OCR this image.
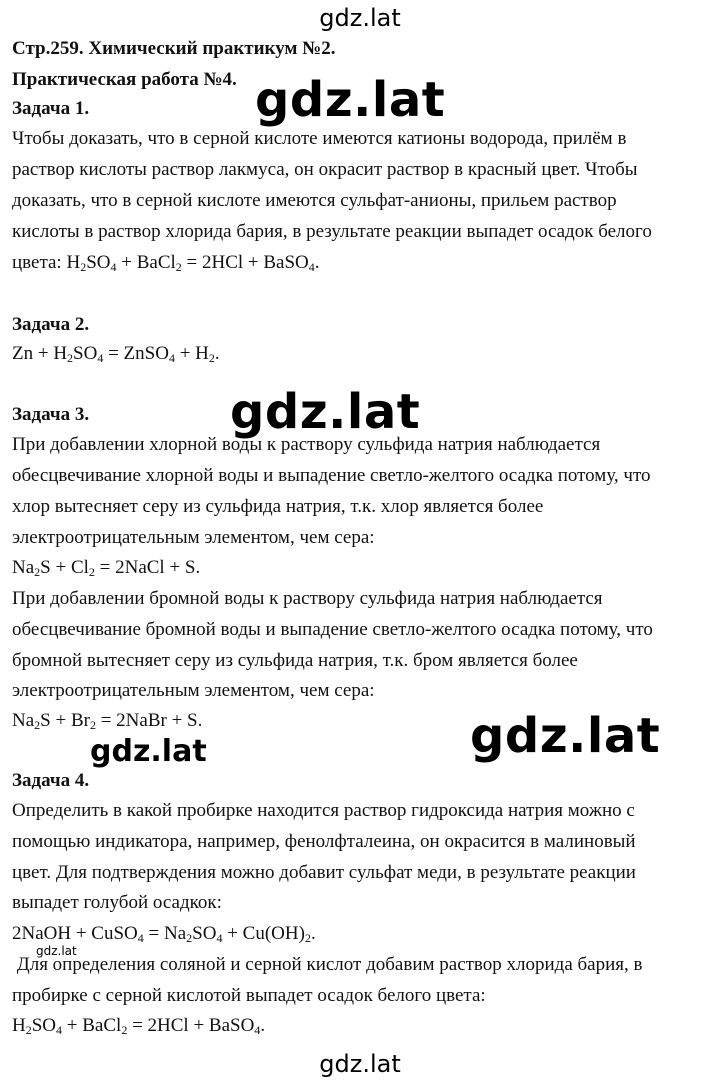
gdz.lat
gdz.lat
gdz.lat
gdz.lat	gdz.lat
gdz.lat
gdz.lat
Стр.259. Химический практикум №2.
Практическая работа №4.
Задача 1.
Чтобы доказать, что в серной кислоте имеются катионы водорода, прилём в
раствор кислоты раствор лакмуса, он окрасит раствор в красный цвет. Чтобы
доказать, что в серной кислоте имеются сульфат-анионы, прильем раствор
кислоты в раствор хлорида бария, в результате реакции выпадет осадок белого
цвета: $H_2SO_4$ + BaCl$_2$ = 2HCl + BaSO$_4$.
Задача 2.
$Zn + H_2SO_4$ = ZnSO$_4$ + $H_2$.
Задача 3.
При добавлении хлорной воды к раствору сульфида натрия наблюдается
обесцвечивание хлорной воды и выпадение светло-желтого осадка потому, что
хлор вытесняет серу из сульфида натрия, т.к. хлор является более
электроотрицательным элементом, чем сера:
$Na_2S + Cl_2$ = 2NaCl + S.
При добавлении бромной воды к раствору сульфида натрия наблюдается
обесцвечивание бромной воды и выпадение светло-желтого осадка потому, что
бромной вытесняет серу из сульфида натрия, т.к. бром является более
электроотрицательным элементом, чем сера:
$Na_2S + Br_2$ = 2NaBr + S.
Задача 4.
Определить в какой пробирке находится раствор гидроксида натрия можно с
помощью индикатора, например, фенолфталеина, он окрасится в малиновый
цвет. Для подтверждения можно добавит сульфат меди, в результате реакции
выпадет голубой осадкок:
2NaOH + CuSO$_4$ = $Na_2SO_4 + Cu(OH)_2$.
Для определения соляной и серной кислот добавим раствор хлорида бария, в
пробирке с серной кислотой выпадет осадок белого цвета:
$H_2SO_4$ + BaCl$_2$ = 2HCl + BaSO$_4$.
